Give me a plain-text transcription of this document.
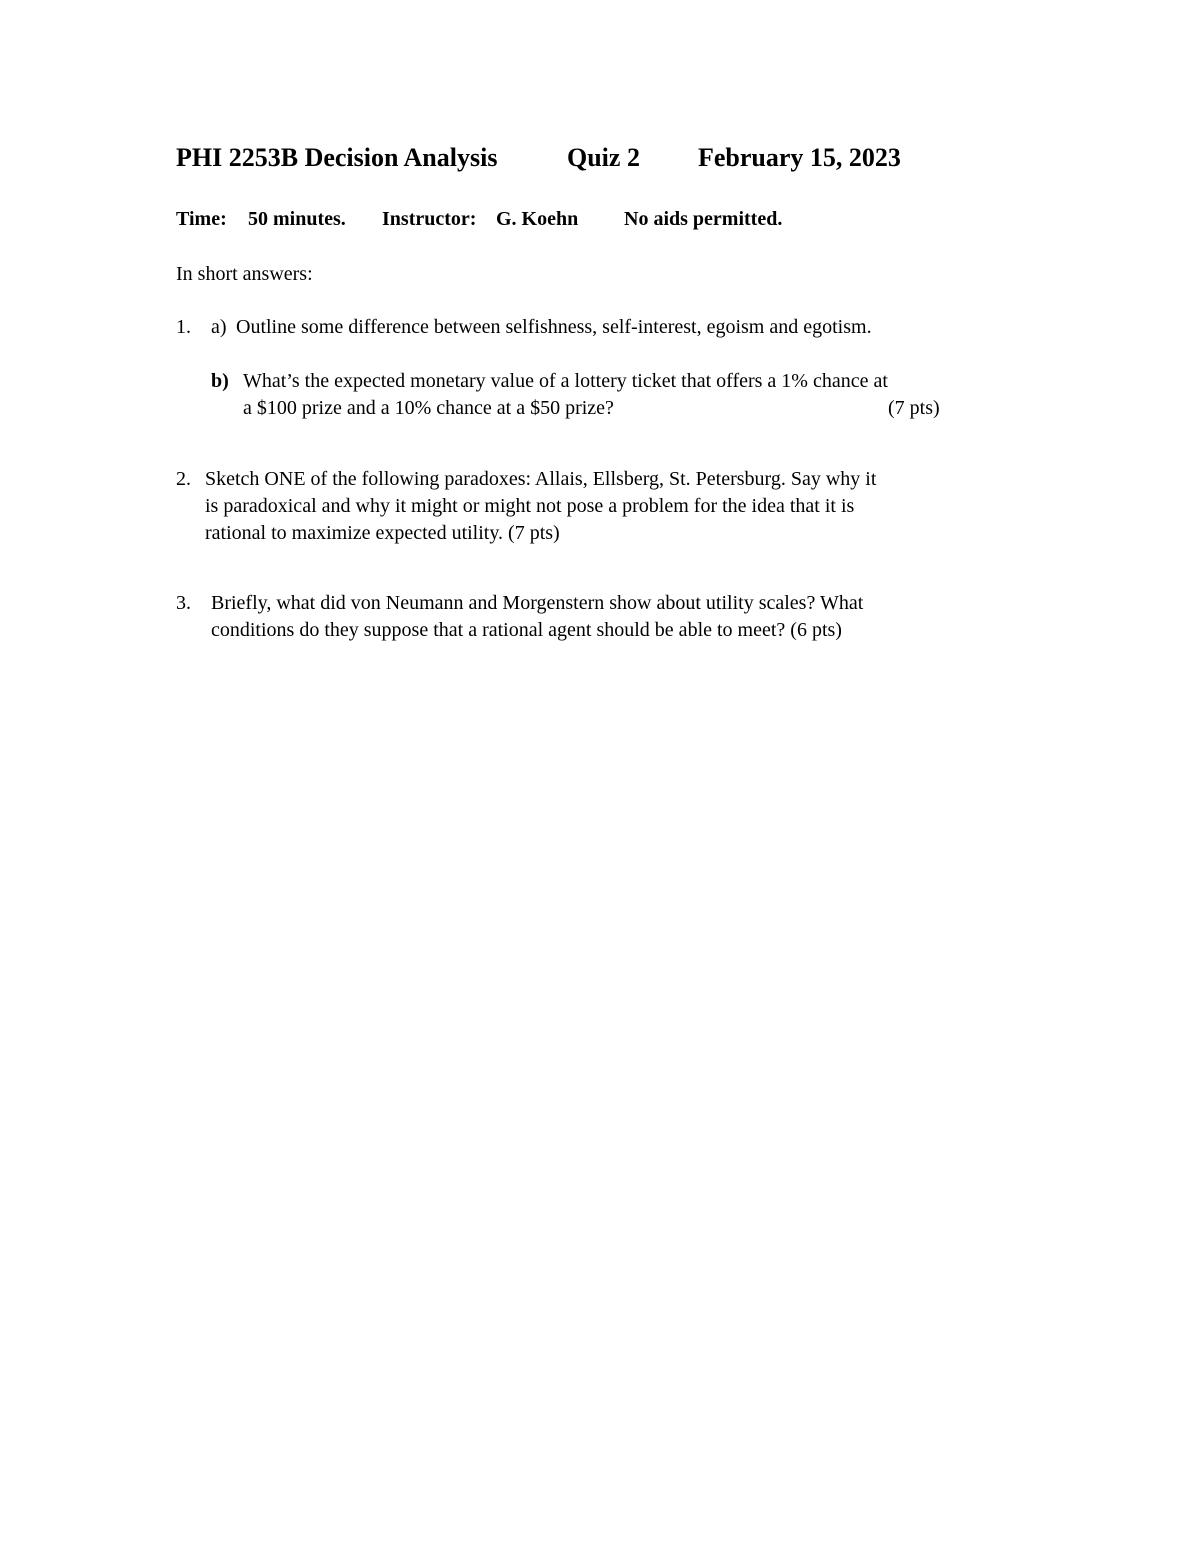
PHI 2253B Decision Analysis	Quiz 2 February 15, 2023
Time: 50 minutes. Instructor: G. Koehn No aids permitted.
In short answers:
1. a) Outline some difference between selfishness, self-interest, egoism and egotism.
b) What’s the expected monetary value of a lottery ticket that offers a 1% chance at
a $100 prize and a 10% chance at a $50 prize?	(7 pts)
2. Sketch ONE of the following paradoxes: Allais, Ellsberg, St. Petersburg. Say why it
is paradoxical and why it might or might not pose a problem for the idea that it is
rational to maximize expected utility. (7 pts)
3. Briefly, what did von Neumann and Morgenstern show about utility scales? What
conditions do they suppose that a rational agent should be able to meet? (6 pts)
